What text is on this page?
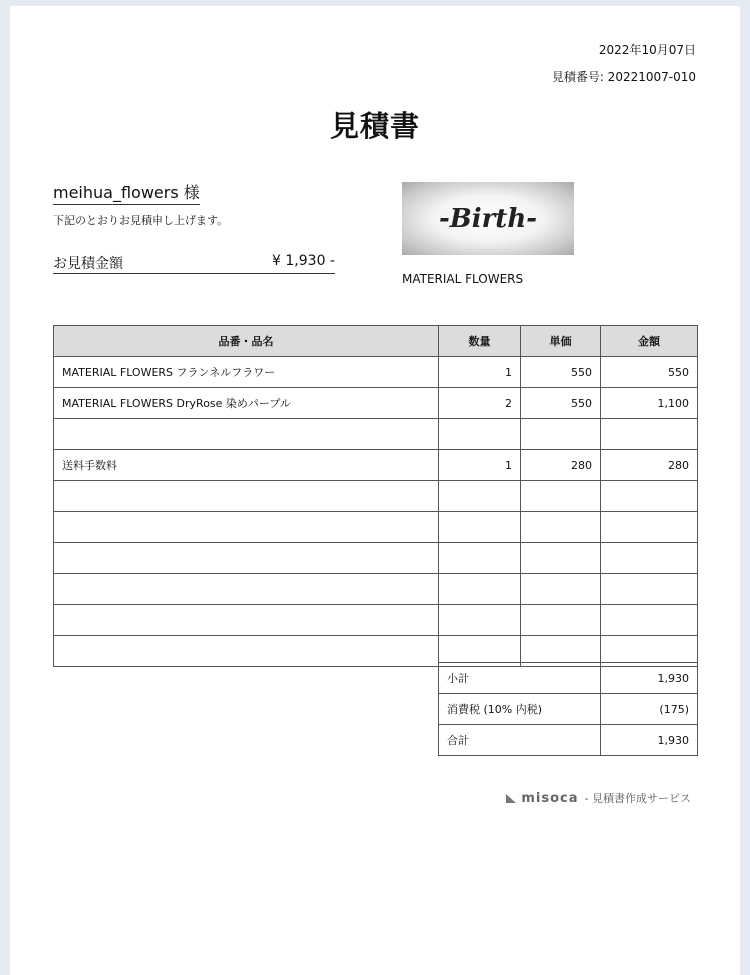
2022年10月07日
見積番号: 20221007-010
見積書
meihua_flowers 様
下記のとおりお見積申し上げます。
お見積金額	¥ 1,930 -
-Birth-
MATERIAL FLOWERS
品番・品名	数量	単価	金額
MATERIAL FLOWERS フランネルフラワー	1	550	550
MATERIAL FLOWERS DryRose 染めパープル	2	550	1,100

送料手数料	1	280	280

小計	1,930
消費税 (10% 内税)	(175)
合計	1,930
misoca - 見積書作成サービス
